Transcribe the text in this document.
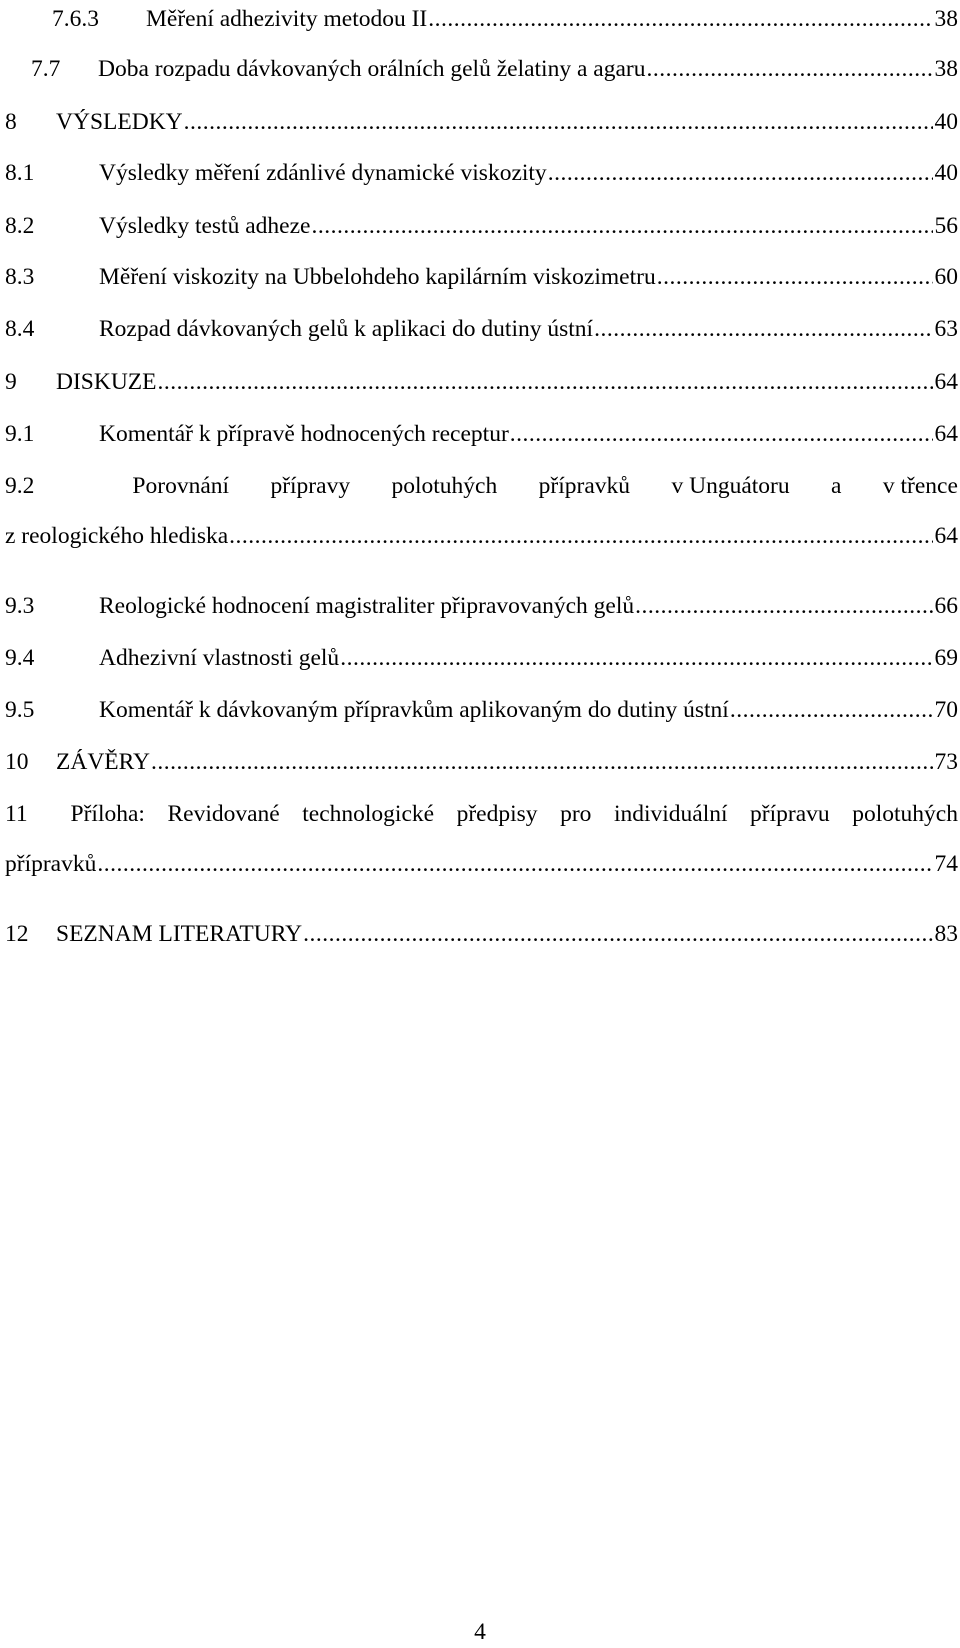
7.6.3	Měření adhezivity metodou II .....	38
7.7	Doba rozpadu dávkovaných orálních gelů želatiny a agaru .....	38
8	VÝSLEDKY .....	40
8.1	Výsledky měření zdánlivé dynamické viskozity .....	40
8.2	Výsledky testů adheze .....	56
8.3	Měření viskozity na Ubbelohdeho kapilárním viskozimetru .....	60
8.4	Rozpad dávkovaných gelů k aplikaci do dutiny ústní .....	63
9	DISKUZE .....	64
9.1	Komentář k přípravě hodnocených receptur .....	64
9.2	Porovnání přípravy polotuhých přípravků v Unguátoru a v třence
z reologického hlediska .....	64
9.3	Reologické hodnocení magistraliter připravovaných gelů .....	66
9.4	Adhezivní vlastnosti gelů .....	69
9.5	Komentář k dávkovaným přípravkům aplikovaným do dutiny ústní .....	70
10	ZÁVĚRY .....	73
11	Příloha: Revidované technologické předpisy pro individuální přípravu polotuhých
přípravků .....	74
12	SEZNAM LITERATURY .....	83
4
